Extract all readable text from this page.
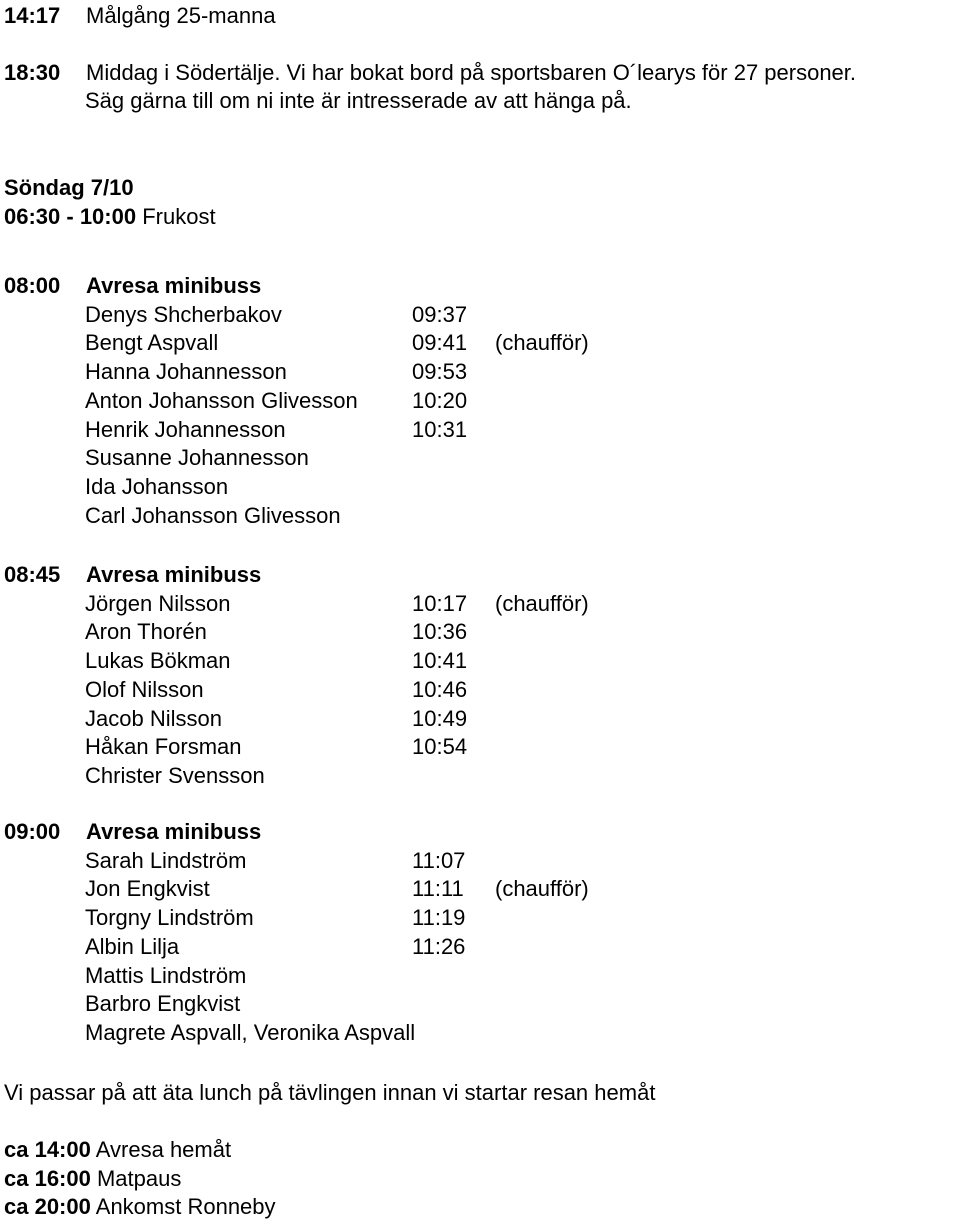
14:17 Målgång 25-manna
18:30 Middag i Södertälje. Vi har bokat bord på sportsbaren O´learys för 27 personer.
Säg gärna till om ni inte är intresserade av att hänga på.
Söndag 7/10
06:30 - 10:00 Frukost
08:00 Avresa minibuss
Denys Shcherbakov	09:37
Bengt Aspvall	09:41 (chaufför)
Hanna Johannesson	09:53
Anton Johansson Glivesson 10:20
Henrik Johannesson	10:31
Susanne Johannesson
Ida Johansson
Carl Johansson Glivesson
08:45 Avresa minibuss
Jörgen Nilsson	10:17 (chaufför)
Aron Thorén	10:36
Lukas Bökman	10:41
Olof Nilsson	10:46
Jacob Nilsson	10:49
Håkan Forsman	10:54
Christer Svensson
09:00 Avresa minibuss
Sarah Lindström	11:07
Jon Engkvist	11:11 (chaufför)
Torgny Lindström	11:19
Albin Lilja	11:26
Mattis Lindström
Barbro Engkvist
Magrete Aspvall, Veronika Aspvall
Vi passar på att äta lunch på tävlingen innan vi startar resan hemåt
ca 14:00 Avresa hemåt
ca 16:00 Matpaus
ca 20:00 Ankomst Ronneby
